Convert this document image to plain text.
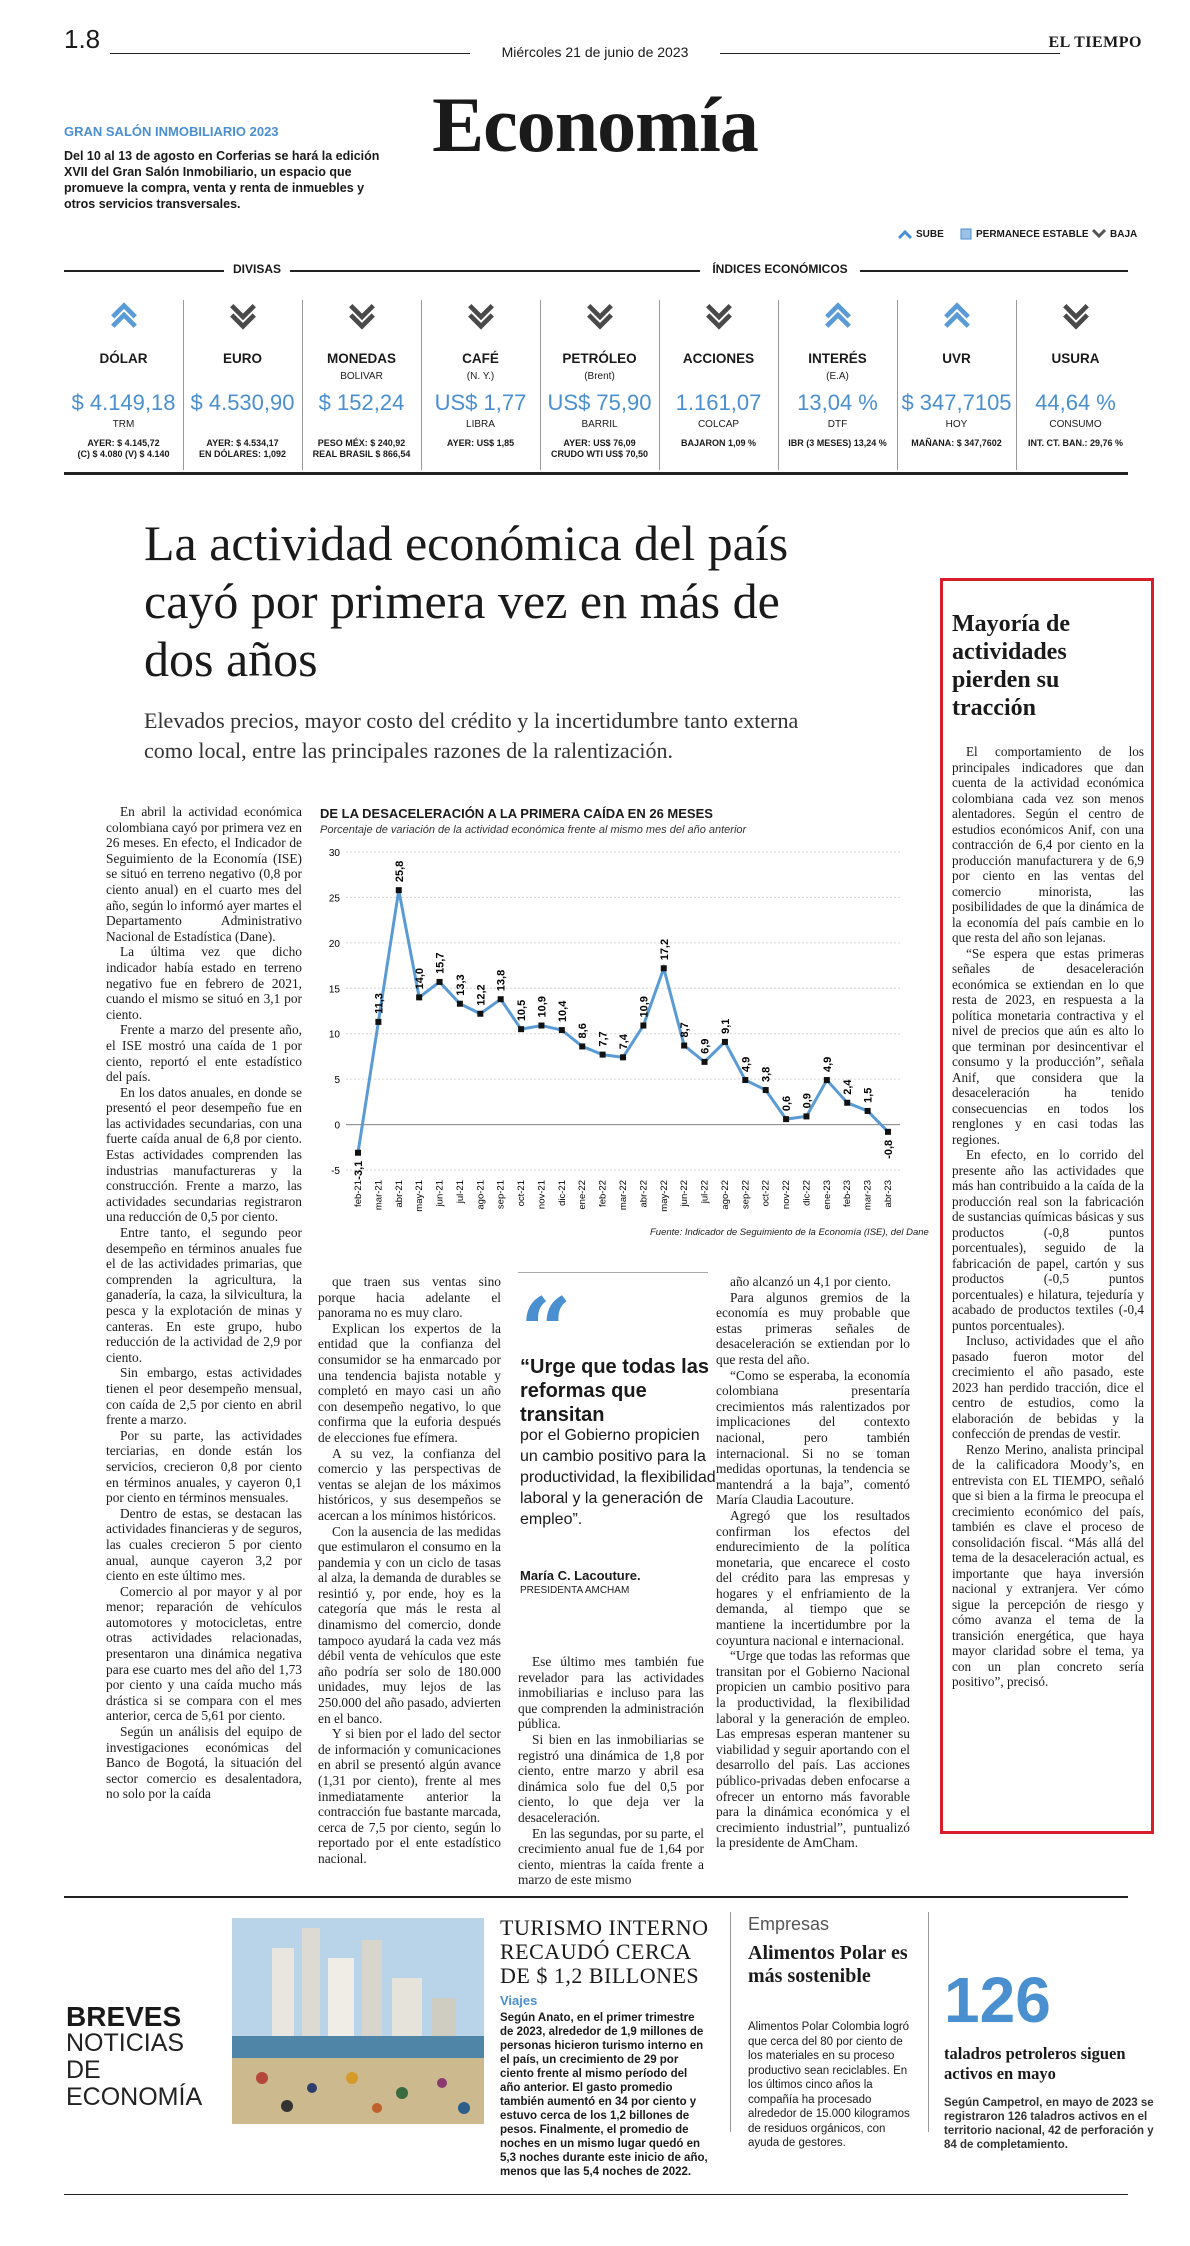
1.8	Miércoles 21 de junio de 2023
EL TIEMPO
Economía
GRAN SALÓN INMOBILIARIO 2023
Del 10 al 13 de agosto en Corferias se hará la edición XVII del Gran Salón Inmobiliario, un espacio que promueve la compra, venta y renta de inmuebles y otros servicios transversales.
SUBE	PERMANECE ESTABLE BAJA
DIVISAS	ÍNDICES ECONÓMICOS
La actividad económica del país cayó por primera vez en más de dos años
Elevados precios, mayor costo del crédito y la incertidumbre tanto externa como local, entre las principales razones de la ralentización.

En abril la actividad económica colombiana cayó por primera vez en 26 meses. En efecto, el Indicador de Seguimiento de la Economía (ISE) se situó en terreno negativo (0,8 por ciento anual) en el cuarto mes del año, según lo informó ayer martes el Departamento Administrativo Nacional de Estadística (Dane).

La última vez que dicho indicador había estado en terreno negativo fue en febrero de 2021, cuando el mismo se situó en 3,1 por ciento.

Frente a marzo del presente año, el ISE mostró una caída de 1 por ciento, reportó el ente estadístico del país.

En los datos anuales, en donde se presentó el peor desempeño fue en las actividades secundarias, con una fuerte caída anual de 6,8 por ciento. Estas actividades comprenden las industrias manufactureras y la construcción. Frente a marzo, las actividades secundarias registraron una reducción de 0,5 por ciento.

Entre tanto, el segundo peor desempeño en términos anuales fue el de las actividades primarias, que comprenden la agricultura, la ganadería, la caza, la silvicultura, la pesca y la explotación de minas y canteras. En este grupo, hubo reducción de la actividad de 2,9 por ciento.

Sin embargo, estas actividades tienen el peor desempeño mensual, con caída de 2,5 por ciento en abril frente a marzo.

Por su parte, las actividades terciarias, en donde están los servicios, crecieron 0,8 por ciento en términos anuales, y cayeron 0,1 por ciento en términos mensuales.

Dentro de estas, se destacan las actividades financieras y de seguros, las cuales crecieron 5 por ciento anual, aunque cayeron 3,2 por ciento en este último mes.

Comercio al por mayor y al por menor; reparación de vehículos automotores y motocicletas, entre otras actividades relacionadas, presentaron una dinámica negativa para ese cuarto mes del año del 1,73 por ciento y una caída mucho más drástica si se compara con el mes anterior, cerca de 5,61 por ciento.

Según un análisis del equipo de investigaciones económicas del Banco de Bogotá, la situación del sector comercio es desalentadora, no solo por la caída

que traen sus ventas sino porque hacia adelante el panorama no es muy claro.

Explican los expertos de la entidad que la confianza del consumidor se ha enmarcado por una tendencia bajista notable y completó en mayo casi un año con desempeño negativo, lo que confirma que la euforia después de elecciones fue efímera.

A su vez, la confianza del comercio y las perspectivas de ventas se alejan de los máximos históricos, y sus desempeños se acercan a los mínimos históricos.

Con la ausencia de las medidas que estimularon el consumo en la pandemia y con un ciclo de tasas al alza, la demanda de durables se resintió y, por ende, hoy es la categoría que más le resta al dinamismo del comercio, donde tampoco ayudará la cada vez más débil venta de vehículos que este año podría ser solo de 180.000 unidades, muy lejos de las 250.000 del año pasado, advierten en el banco.

Y si bien por el lado del sector de información y comunicaciones en abril se presentó algún avance (1,31 por ciento), frente al mes inmediatamente anterior la contracción fue bastante marcada, cerca de 7,5 por ciento, según lo reportado por el ente estadístico nacional.

Ese último mes también fue revelador para las actividades inmobiliarias e incluso para las que comprenden la administración pública.

Si bien en las inmobiliarias se registró una dinámica de 1,8 por ciento, entre marzo y abril esa dinámica solo fue del 0,5 por ciento, lo que deja ver la desaceleración.

En las segundas, por su parte, el crecimiento anual fue de 1,64 por ciento, mientras la caída frente a marzo de este mismo

año alcanzó un 4,1 por ciento.

Para algunos gremios de la economía es muy probable que estas primeras señales de desaceleración se extiendan por lo que resta del año.

“Como se esperaba, la economía colombiana presentaría crecimientos más ralentizados por implicaciones del contexto nacional, pero también internacional. Si no se toman medidas oportunas, la tendencia se mantendrá a la baja”, comentó María Claudia Lacouture.

Agregó que los resultados confirman los efectos del endurecimiento de la política monetaria, que encarece el costo del crédito para las empresas y hogares y el enfriamiento de la demanda, al tiempo que se mantiene la incertidumbre por la coyuntura nacional e internacional.

“Urge que todas las reformas que transitan por el Gobierno Nacional propicien un cambio positivo para la productividad, la flexibilidad laboral y la generación de empleo. Las empresas esperan mantener su viabilidad y seguir aportando con el desarrollo del país. Las acciones público-privadas deben enfocarse a ofrecer un entorno más favorable para la dinámica económica y el crecimiento industrial”, puntualizó la presidente de AmCham.

DE LA DESACELERACIÓN A LA PRIMERA CAÍDA EN 26 MESES
Porcentaje de variación de la actividad económica frente al mismo mes del año anterior
-5
0
5
10
15
20
25
30
-3,1
feb-21
11,3
mar-21
25,8
abr-21
14,0
may-21
15,7
jun-21
13,3
jul-21
12,2
ago-21
13,8
sep-21
10,5
oct-21
10,9
nov-21
10,4
dic-21
8,6
ene-22
7,7
feb-22
7,4
mar-22
10,9
abr-22
17,2
may-22
8,7
jun-22
6,9
jul-22
9,1
ago-22
4,9
sep-22
3,8
oct-22
0,6
nov-22
0,9
dic-22
4,9
ene-23
2,4
feb-23
1,5
mar-23
-0,8
abr-23
Fuente: Indicador de Seguimiento de la Economía (ISE), del Dane
“
“Urge que todas las reformas que transitan
por el Gobierno propicien un cambio positivo para la productividad, la flexibilidad laboral y la generación de empleo”.
María C. Lacouture.
PRESIDENTA AMCHAM
Mayoría de actividades pierden su tracción

El comportamiento de los principales indicadores que dan cuenta de la actividad económica colombiana cada vez son menos alentadores. Según el centro de estudios económicos Anif, con una contracción de 6,4 por ciento en la producción manufacturera y de 6,9 por ciento en las ventas del comercio minorista, las posibilidades de que la dinámica de la economía del país cambie en lo que resta del año son lejanas.

“Se espera que estas primeras señales de desaceleración económica se extiendan en lo que resta de 2023, en respuesta a la política monetaria contractiva y el nivel de precios que aún es alto lo que terminan por desincentivar el consumo y la producción”, señala Anif, que considera que la desaceleración ha tenido consecuencias en todos los renglones y en casi todas las regiones.

En efecto, en lo corrido del presente año las actividades que más han contribuido a la caída de la producción real son la fabricación de sustancias químicas básicas y sus productos (-0,8 puntos porcentuales), seguido de la fabricación de papel, cartón y sus productos (-0,5 puntos porcentuales) e hilatura, tejeduría y acabado de productos textiles (-0,4 puntos porcentuales).

Incluso, actividades que el año pasado fueron motor del crecimiento el año pasado, este 2023 han perdido tracción, dice el centro de estudios, como la elaboración de bebidas y la confección de prendas de vestir.

Renzo Merino, analista principal de la calificadora Moody’s, en entrevista con EL TIEMPO, señaló que si bien a la firma le preocupa el crecimiento económico del país, también es clave el proceso de consolidación fiscal. “Más allá del tema de la desaceleración actual, es importante que haya inversión nacional y extranjera. Ver cómo sigue la percepción de riesgo y cómo avanza el tema de la transición energética, que haya mayor claridad sobre el tema, ya con un plan concreto sería positivo”, precisó.

BREVES
NOTICIAS DE ECONOMÍA
TURISMO INTERNO RECAUDÓ CERCA DE $ 1,2 BILLONES
Viajes
Según Anato, en el primer trimestre de 2023, alrededor de 1,9 millones de personas hicieron turismo interno en el país, un crecimiento de 29 por ciento frente al mismo período del año anterior. El gasto promedio también aumentó en 34 por ciento y estuvo cerca de los 1,2 billones de pesos. Finalmente, el promedio de noches en un mismo lugar quedó en 5,3 noches durante este inicio de año, menos que las 5,4 noches de 2022.
Empresas
Alimentos Polar es más sostenible
Alimentos Polar Colombia logró que cerca del 80 por ciento de los materiales en su proceso productivo sean reciclables. En los últimos cinco años la compañía ha procesado alrededor de 15.000 kilogramos de residuos orgánicos, con ayuda de gestores.
126
taladros petroleros siguen activos en mayo
Según Campetrol, en mayo de 2023 se registraron 126 taladros activos en el territorio nacional, 42 de perforación y 84 de completamiento.
DÓLAR
$ 4.149,18
TRM
AYER: $ 4.145,72
(C) $ 4.080 (V) $ 4.140
EURO
$ 4.530,90
AYER: $ 4.534,17
EN DÓLARES: 1,092
MONEDAS
BOLIVAR
$ 152,24
PESO MÉX: $ 240,92
REAL BRASIL $ 866,54
CAFÉ
(N. Y.)
US$ 1,77
LIBRA
AYER: US$ 1,85
PETRÓLEO
(Brent)
US$ 75,90
BARRIL
AYER: US$ 76,09
CRUDO WTI US$ 70,50
ACCIONES
1.161,07
COLCAP
BAJARON 1,09 %
INTERÉS
(E.A)
13,04 %
DTF
IBR (3 MESES) 13,24 %
UVR
$ 347,7105
HOY
MAÑANA: $ 347,7602
USURA
44,64 %
CONSUMO
INT. CT. BAN.: 29,76 %
